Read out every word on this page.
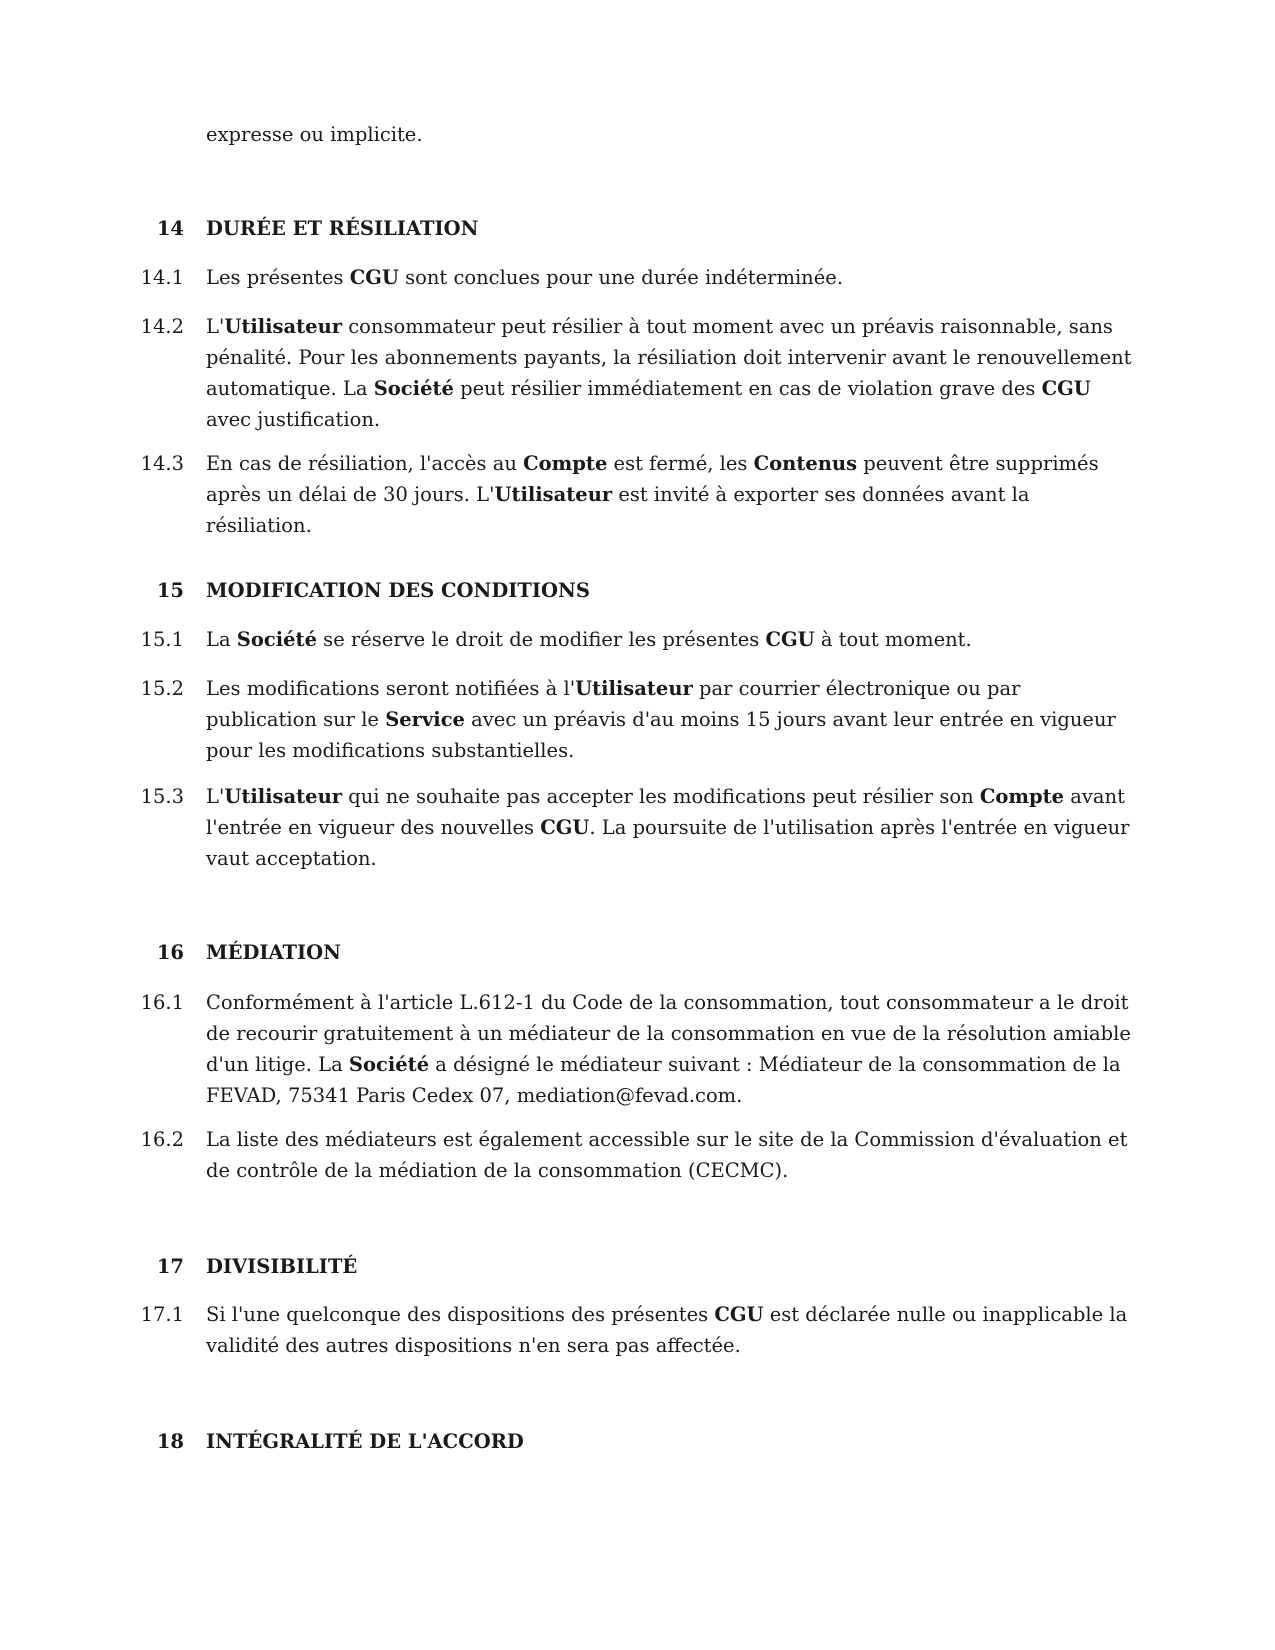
expresse ou implicite.
14 DURÉE ET RÉSILIATION
14.1 Les présentes CGU sont conclues pour une durée indéterminée.
14.2 L'Utilisateur consommateur peut résilier à tout moment avec un préavis raisonnable, sans pénalité. Pour les abonnements payants, la résiliation doit intervenir avant le renouvellement automatique. La Société peut résilier immédiatement en cas de violation grave des CGU avec justification.
14.3 En cas de résiliation, l'accès au Compte est fermé, les Contenus peuvent être supprimés après un délai de 30 jours. L'Utilisateur est invité à exporter ses données avant la résiliation.
15 MODIFICATION DES CONDITIONS
15.1 La Société se réserve le droit de modifier les présentes CGU à tout moment.
15.2 Les modifications seront notifiées à l'Utilisateur par courrier électronique ou par publication sur le Service avec un préavis d'au moins 15 jours avant leur entrée en vigueur pour les modifications substantielles.
15.3 L'Utilisateur qui ne souhaite pas accepter les modifications peut résilier son Compte avant l'entrée en vigueur des nouvelles CGU. La poursuite de l'utilisation après l'entrée en vigueur vaut acceptation.
16 MÉDIATION
16.1 Conformément à l'article L.612-1 du Code de la consommation, tout consommateur a le droit de recourir gratuitement à un médiateur de la consommation en vue de la résolution amiable d'un litige. La Société a désigné le médiateur suivant : Médiateur de la consommation de la FEVAD, 75341 Paris Cedex 07, mediation@fevad.com.
16.2 La liste des médiateurs est également accessible sur le site de la Commission d'évaluation et de contrôle de la médiation de la consommation (CECMC).
17 DIVISIBILITÉ
17.1 Si l'une quelconque des dispositions des présentes CGU est déclarée nulle ou inapplicable la validité des autres dispositions n'en sera pas affectée.
18 INTÉGRALITÉ DE L'ACCORD
